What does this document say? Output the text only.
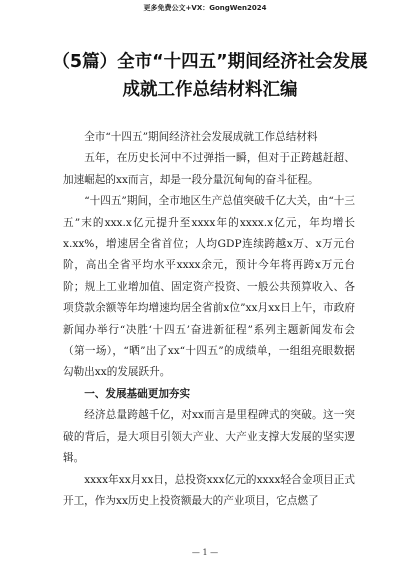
更多免费公文+VX：GongWen2024
（5篇）全市“十四五”期间经济社会发展成就工作总结材料汇编

全市“十四五”期间经济社会发展成就工作总结材料

五年，在历史长河中不过弹指一瞬，但对于正跨越赶超、加速崛起的xx而言，却是一段分量沉甸甸的奋斗征程。

“十四五”期间，全市地区生产总值突破千亿大关，由“十三五”末的xxx.x亿元提升至xxxx年的xxxx.x亿元，年均增长x.xx%，增速居全省首位；人均GDP连续跨越x万、x万元台阶，高出全省平均水平xxxx余元，预计今年将再跨x万元台阶；规上工业增加值、固定资产投资、一般公共预算收入、各项贷款余额等年均增速均居全省前x位”xx月xx日上午，市政府新闻办举行“决胜‘十四五’奋进新征程”系列主题新闻发布会（第一场），“晒”出了xx“十四五”的成绩单，一组组亮眼数据勾勒出xx的发展跃升。

一、发展基础更加夯实

经济总量跨越千亿，对xx而言是里程碑式的突破。这一突破的背后，是大项目引领大产业、大产业支撑大发展的坚实逻辑。

xxxx年xx月xx日，总投资xxx亿元的xxxx轻合金项目正式开工，作为xx历史上投资额最大的产业项目，它点燃了

— 1 —
